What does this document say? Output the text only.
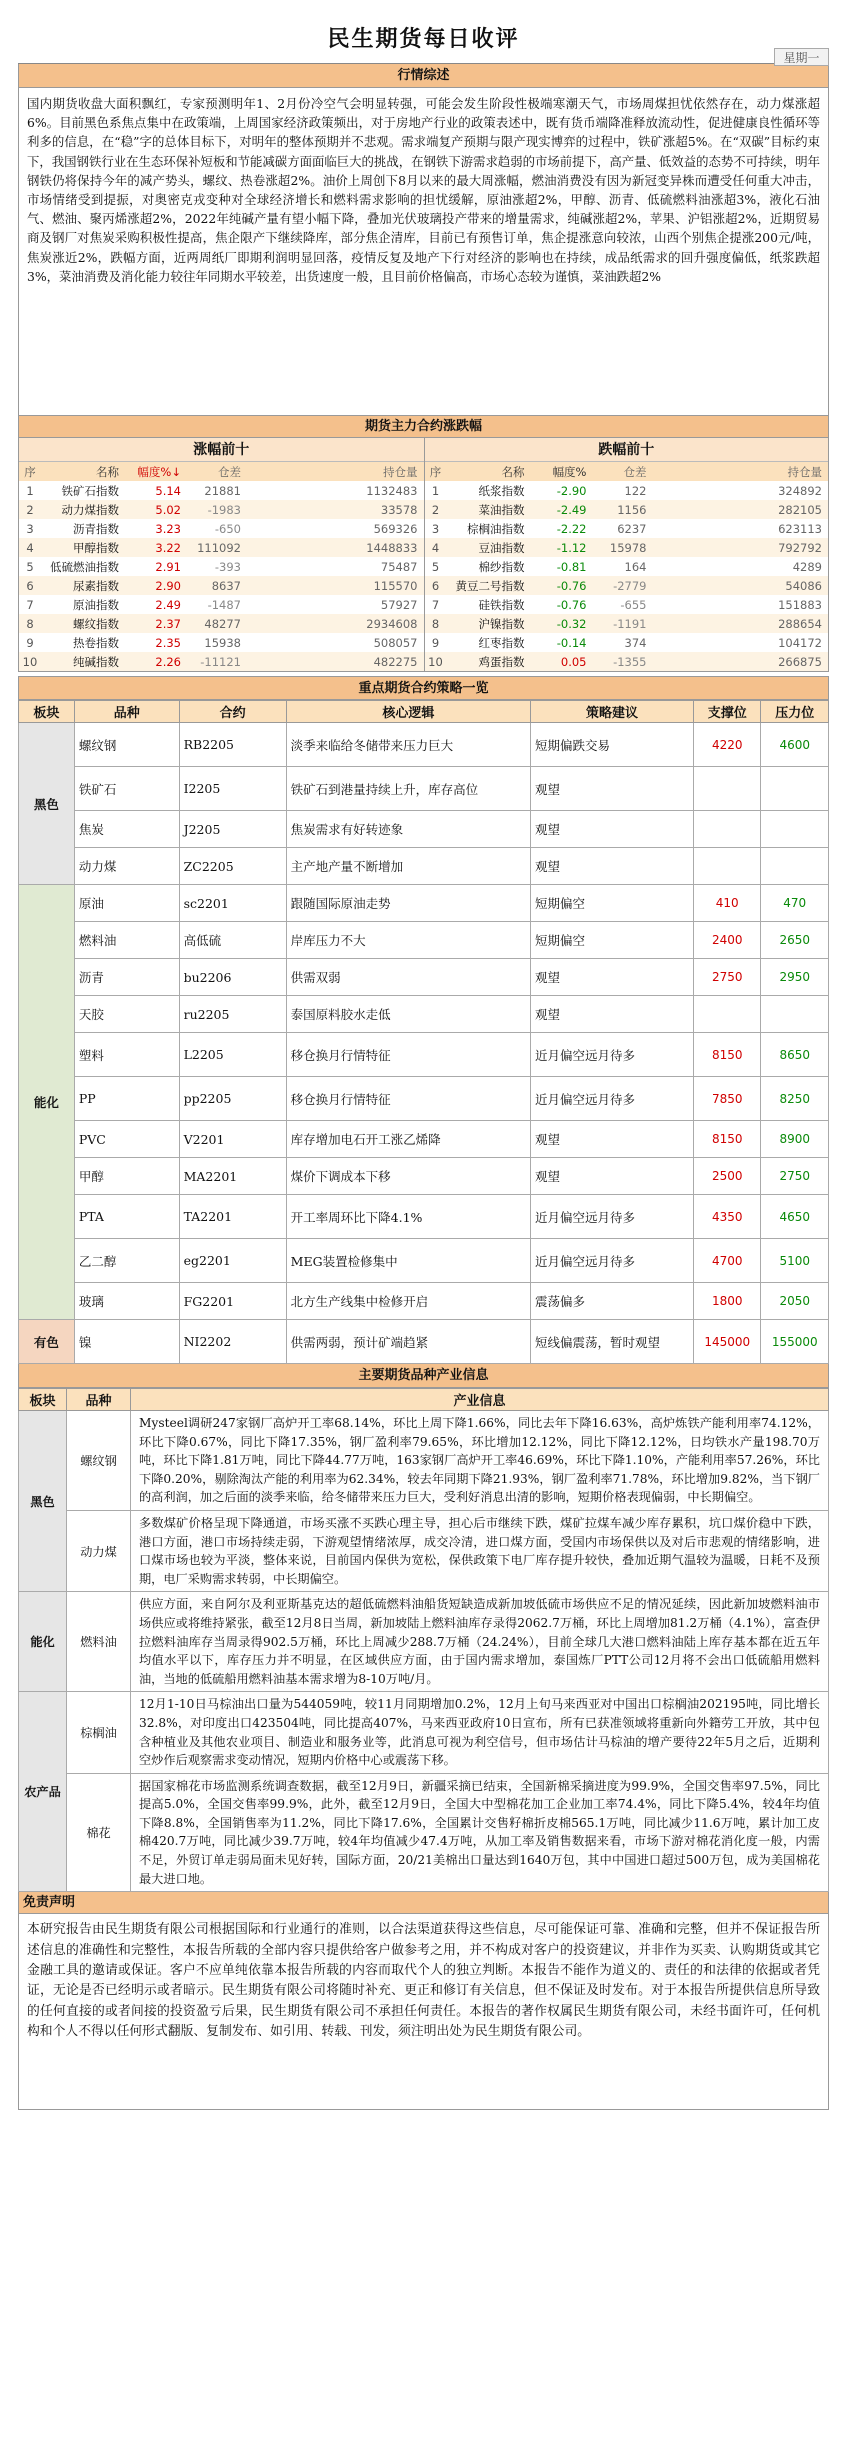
民生期货每日收评
星期一
行情综述
国内期货收盘大面积飘红，专家预测明年1、2月份冷空气会明显转强，可能会发生阶段性极端寒潮天气，市场周煤担忧依然存在，动力煤涨超6%。目前黑色系焦点集中在政策端，上周国家经济政策频出，对于房地产行业的政策表述中，既有货币端降准释放流动性，促进健康良性循环等利多的信息，在“稳”字的总体目标下，对明年的整体预期并不悲观。需求端复产预期与限产现实博弈的过程中，铁矿涨超5%。在“双碳”目标约束下，我国钢铁行业在生态环保补短板和节能减碳方面面临巨大的挑战，在钢铁下游需求趋弱的市场前提下，高产量、低效益的态势不可持续，明年钢铁仍将保持今年的减产势头，螺纹、热卷涨超2%。油价上周创下8月以来的最大周涨幅，燃油消费没有因为新冠变异株而遭受任何重大冲击，市场情绪受到提振，对奥密克戎变种对全球经济增长和燃料需求影响的担忧缓解，原油涨超2%，甲醇、沥青、低硫燃料油涨超3%，液化石油气、燃油、聚丙烯涨超2%，2022年纯碱产量有望小幅下降，叠加光伏玻璃投产带来的增量需求，纯碱涨超2%，苹果、沪铝涨超2%，近期贸易商及钢厂对焦炭采购积极性提高，焦企限产下继续降库，部分焦企清库，目前已有预售订单，焦企提涨意向较浓，山西个别焦企提涨200元/吨，焦炭涨近2%，跌幅方面，近两周纸厂即期利润明显回落，疫情反复及地产下行对经济的影响也在持续，成品纸需求的回升强度偏低，纸浆跌超3%，菜油消费及消化能力较往年同期水平较差，出货速度一般，且目前价格偏高，市场心态较为谨慎，菜油跌超2%
期货主力合约涨跌幅
涨幅前十
序	名称	幅度%↓	仓差	持仓量
1	铁矿石指数	5.14	21881	1132483
2	动力煤指数	5.02	-1983	33578
3	沥青指数	3.23	-650	569326
4	甲醇指数	3.22	111092	1448833
5	低硫燃油指数	2.91	-393	75487
6	尿素指数	2.90	8637	115570
7	原油指数	2.49	-1487	57927
8	螺纹指数	2.37	48277	2934608
9	热卷指数	2.35	15938	508057
10	纯碱指数	2.26	-11121	482275
跌幅前十
序	名称	幅度%	仓差	持仓量
1	纸浆指数	-2.90	122	324892
2	菜油指数	-2.49	1156	282105
3	棕榈油指数	-2.22	6237	623113
4	豆油指数	-1.12	15978	792792
5	棉纱指数	-0.81	164	4289
6	黄豆二号指数	-0.76	-2779	54086
7	硅铁指数	-0.76	-655	151883
8	沪镍指数	-0.32	-1191	288654
9	红枣指数	-0.14	374	104172
10	鸡蛋指数	0.05	-1355	266875
重点期货合约策略一览
板块	品种	合约	核心逻辑	策略建议	支撑位	压力位
黑色	螺纹钢	RB2205	淡季来临给冬储带来压力巨大	短期偏跌交易	4220	4600
	铁矿石	I2205	铁矿石到港量持续上升，库存高位	观望		
	焦炭	J2205	焦炭需求有好转迹象	观望		
	动力煤	ZC2205	主产地产量不断增加	观望		
能化	原油	sc2201	跟随国际原油走势	短期偏空	410	470
	燃料油	高低硫	岸库压力不大	短期偏空	2400	2650
	沥青	bu2206	供需双弱	观望	2750	2950
	天胶	ru2205	泰国原料胶水走低	观望		
	塑料	L2205	移仓换月行情特征	近月偏空远月待多	8150	8650
	PP	pp2205	移仓换月行情特征	近月偏空远月待多	7850	8250
	PVC	V2201	库存增加电石开工涨乙烯降	观望	8150	8900
	甲醇	MA2201	煤价下调成本下移	观望	2500	2750
	PTA	TA2201	开工率周环比下降4.1%	近月偏空远月待多	4350	4650
	乙二醇	eg2201	MEG装置检修集中	近月偏空远月待多	4700	5100
	玻璃	FG2201	北方生产线集中检修开启	震荡偏多	1800	2050
有色	镍	NI2202	供需两弱，预计矿端趋紧	短线偏震荡，暂时观望	145000	155000
主要期货品种产业信息
板块	品种	产业信息
黑色	螺纹钢	Mysteel调研247家钢厂高炉开工率68.14%，环比上周下降1.66%，同比去年下降16.63%，高炉炼铁产能利用率74.12%，环比下降0.67%，同比下降17.35%，钢厂盈利率79.65%，环比增加12.12%，同比下降12.12%，日均铁水产量198.70万吨，环比下降1.81万吨，同比下降44.77万吨，163家钢厂高炉开工率46.69%，环比下降1.10%，产能利用率57.26%，环比下降0.20%，剔除淘汰产能的利用率为62.34%，较去年同期下降21.93%，钢厂盈利率71.78%，环比增加9.82%，当下钢厂的高利润，加之后面的淡季来临，给冬储带来压力巨大，受利好消息出清的影响，短期价格表现偏弱，中长期偏空。
	动力煤	多数煤矿价格呈现下降通道，市场买涨不买跌心理主导，担心后市继续下跌，煤矿拉煤车减少库存累积，坑口煤价稳中下跌，港口方面，港口市场持续走弱，下游观望情绪浓厚，成交冷清，进口煤方面，受国内市场保供以及对后市悲观的情绪影响，进口煤市场也较为平淡，整体来说，目前国内保供为宽松，保供政策下电厂库存提升较快，叠加近期气温较为温暖，日耗不及预期，电厂采购需求转弱，中长期偏空。
能化	燃料油	供应方面，来自阿尔及利亚斯基克达的超低硫燃料油船货短缺造成新加坡低硫市场供应不足的情况延续，因此新加坡燃料油市场供应或将维持紧张，截至12月8日当周，新加坡陆上燃料油库存录得2062.7万桶，环比上周增加81.2万桶（4.1%），富查伊拉燃料油库存当周录得902.5万桶，环比上周减少288.7万桶（24.24%），目前全球几大港口燃料油陆上库存基本都在近五年均值水平以下，库存压力并不明显，在区域供应方面，由于国内需求增加，泰国炼厂PTT公司12月将不会出口低硫船用燃料油，当地的低硫船用燃料油基本需求增为8-10万吨/月。
农产品	棕榈油	12月1-10日马棕油出口量为544059吨，较11月同期增加0.2%，12月上旬马来西亚对中国出口棕榈油202195吨，同比增长32.8%，对印度出口423504吨，同比提高407%，马来西亚政府10日宣布，所有已获准领域将重新向外籍劳工开放，其中包含种植业及其他农业项目、制造业和服务业等，此消息可视为利空信号，但市场估计马棕油的增产要待22年5月之后，近期利空炒作后观察需求变动情况，短期内价格中心或震荡下移。
	棉花	据国家棉花市场监测系统调查数据，截至12月9日，新疆采摘已结束，全国新棉采摘进度为99.9%，全国交售率97.5%，同比提高5.0%，全国交售率99.9%，此外，截至12月9日，全国大中型棉花加工企业加工率74.4%，同比下降5.4%，较4年均值下降8.8%，全国销售率为11.2%，同比下降17.6%，全国累计交售籽棉折皮棉565.1万吨，同比减少11.6万吨，累计加工皮棉420.7万吨，同比减少39.7万吨，较4年均值减少47.4万吨，从加工率及销售数据来看，市场下游对棉花消化度一般，内需不足，外贸订单走弱局面未见好转，国际方面，20/21美棉出口量达到1640万包，其中中国进口超过500万包，成为美国棉花最大进口地。
免责声明
本研究报告由民生期货有限公司根据国际和行业通行的准则，以合法渠道获得这些信息，尽可能保证可靠、准确和完整，但并不保证报告所述信息的准确性和完整性，本报告所载的全部内容只提供给客户做参考之用，并不构成对客户的投资建议，并非作为买卖、认购期货或其它金融工具的邀请或保证。客户不应单纯依靠本报告所载的内容而取代个人的独立判断。本报告不能作为道义的、责任的和法律的依据或者凭证，无论是否已经明示或者暗示。民生期货有限公司将随时补充、更正和修订有关信息，但不保证及时发布。对于本报告所提供信息所导致的任何直接的或者间接的投资盈亏后果，民生期货有限公司不承担任何责任。本报告的著作权属民生期货有限公司，未经书面许可，任何机构和个人不得以任何形式翻版、复制发布、如引用、转载、刊发，须注明出处为民生期货有限公司。
